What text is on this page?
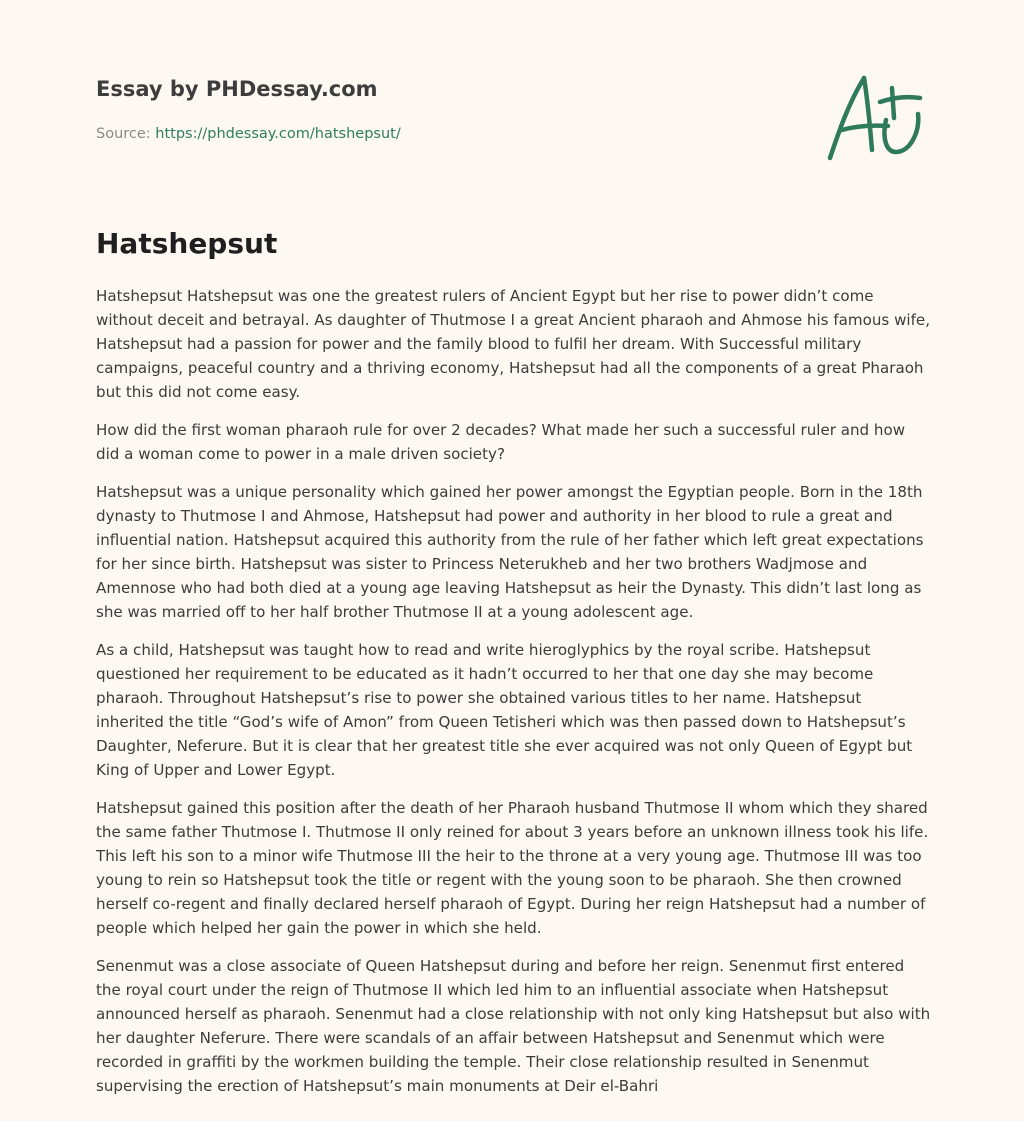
Essay by PHDessay.com
Source: https://phdessay.com/hatshepsut/
Hatshepsut

Hatshepsut Hatshepsut was one the greatest rulers of Ancient Egypt but her rise to power didn’t come without deceit and betrayal. As daughter of Thutmose I a great Ancient pharaoh and Ahmose his famous wife, Hatshepsut had a passion for power and the family blood to fulfil her dream. With Successful military campaigns, peaceful country and a thriving economy, Hatshepsut had all the components of a great Pharaoh but this did not come easy.

How did the first woman pharaoh rule for over 2 decades? What made her such a successful ruler and how did a woman come to power in a male driven society?

Hatshepsut was a unique personality which gained her power amongst the Egyptian people. Born in the 18th dynasty to Thutmose I and Ahmose, Hatshepsut had power and authority in her blood to rule a great and influential nation. Hatshepsut acquired this authority from the rule of her father which left great expectations for her since birth. Hatshepsut was sister to Princess Neterukheb and her two brothers Wadjmose and Amennose who had both died at a young age leaving Hatshepsut as heir the Dynasty. This didn’t last long as she was married off to her half brother Thutmose II at a young adolescent age.

As a child, Hatshepsut was taught how to read and write hieroglyphics by the royal scribe. Hatshepsut questioned her requirement to be educated as it hadn’t occurred to her that one day she may become pharaoh. Throughout Hatshepsut’s rise to power she obtained various titles to her name. Hatshepsut inherited the title “God’s wife of Amon” from Queen Tetisheri which was then passed down to Hatshepsut’s Daughter, Neferure. But it is clear that her greatest title she ever acquired was not only Queen of Egypt but King of Upper and Lower Egypt.

Hatshepsut gained this position after the death of her Pharaoh husband Thutmose II whom which they shared the same father Thutmose I. Thutmose II only reined for about 3 years before an unknown illness took his life. This left his son to a minor wife Thutmose III the heir to the throne at a very young age. Thutmose III was too young to rein so Hatshepsut took the title or regent with the young soon to be pharaoh. She then crowned herself co-regent and finally declared herself pharaoh of Egypt. During her reign Hatshepsut had a number of people which helped her gain the power in which she held.

Senenmut was a close associate of Queen Hatshepsut during and before her reign. Senenmut first entered the royal court under the reign of Thutmose II which led him to an influential associate when Hatshepsut announced herself as pharaoh. Senenmut had a close relationship with not only king Hatshepsut but also with her daughter Neferure. There were scandals of an affair between Hatshepsut and Senenmut which were recorded in graffiti by the workmen building the temple. Their close relationship resulted in Senenmut supervising the erection of Hatshepsut’s main monuments at Deir el-Bahri
